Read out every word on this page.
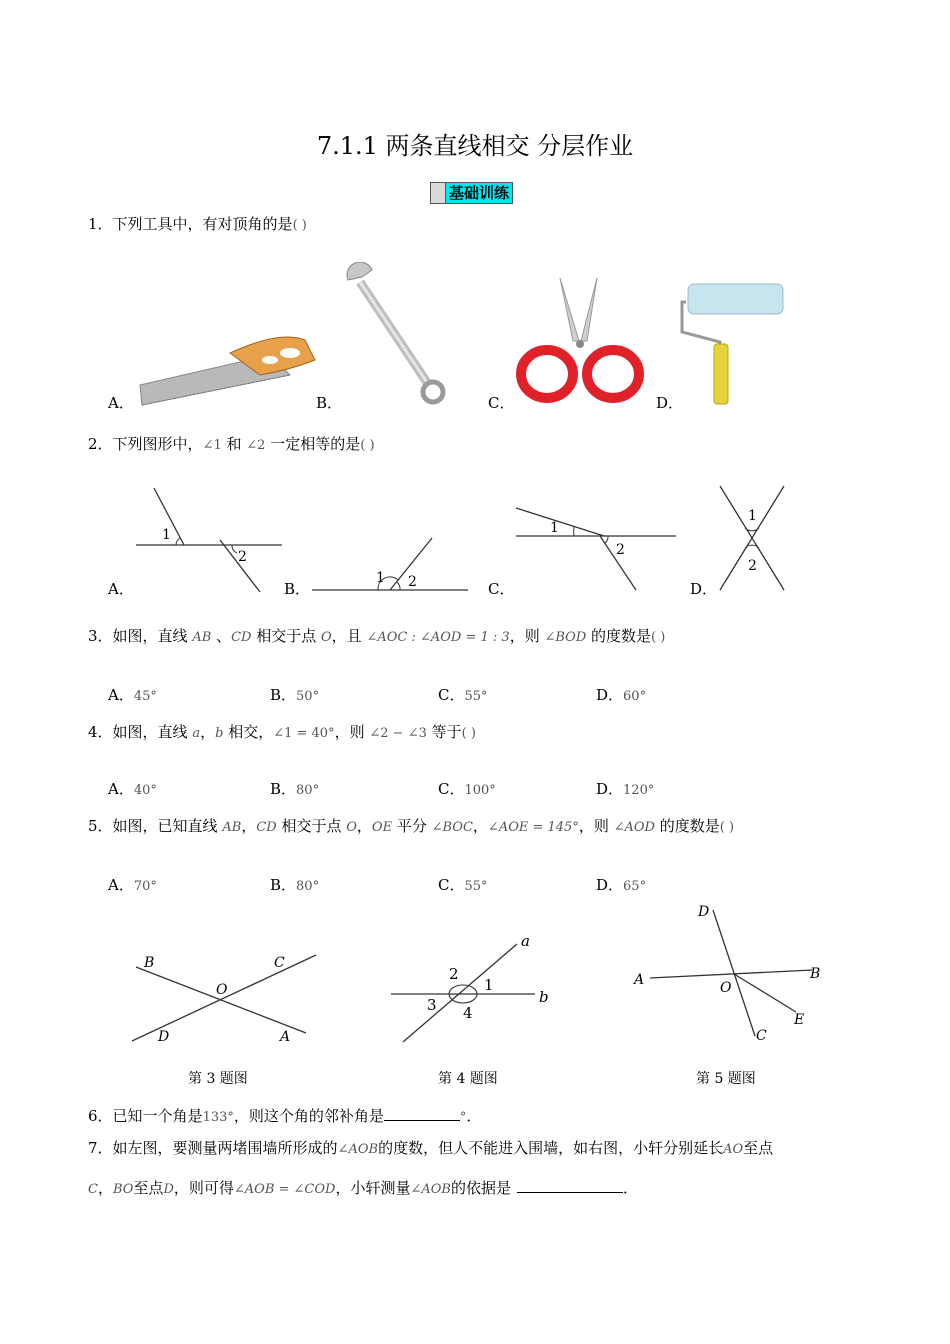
7.1.1 两条直线相交 分层作业
基础训练
1．下列工具中，有对顶角的是( )
A．	B．	C．	D．
2．下列图形中，∠1 和 ∠2 一定相等的是( )
1
2
A．
1 2
B．
1
2
C．
1
2
D．
3．如图，直线 AB 、CD 相交于点 O，且 ∠AOC : ∠AOD = 1 : 3，则 ∠BOD 的度数是( )
A．45°	B．50°	C．55°	D．60°
4．如图，直线 a，b 相交，∠1 = 40°，则 ∠2 − ∠3 等于( )
A．40°	B．80°	C．100°	D．120°
5．如图，已知直线 AB，CD 相交于点 O，OE 平分 ∠BOC，∠AOE = 145°，则 ∠AOD 的度数是( )
A．70°	B．80°	C．55°	D．65°
B	C
O
D	A
a
2
1
b
3 4
D
A	B
O
E
C
第 3 题图	第 4 题图	第 5 题图
6．已知一个角是133°，则这个角的邻补角是	°．
7．如左图，要测量两堵围墙所形成的∠AOB的度数，但人不能进入围墙，如右图，小轩分别延长AO至点
C，BO至点D，则可得∠AOB = ∠COD，小轩测量∠AOB的依据是	．
